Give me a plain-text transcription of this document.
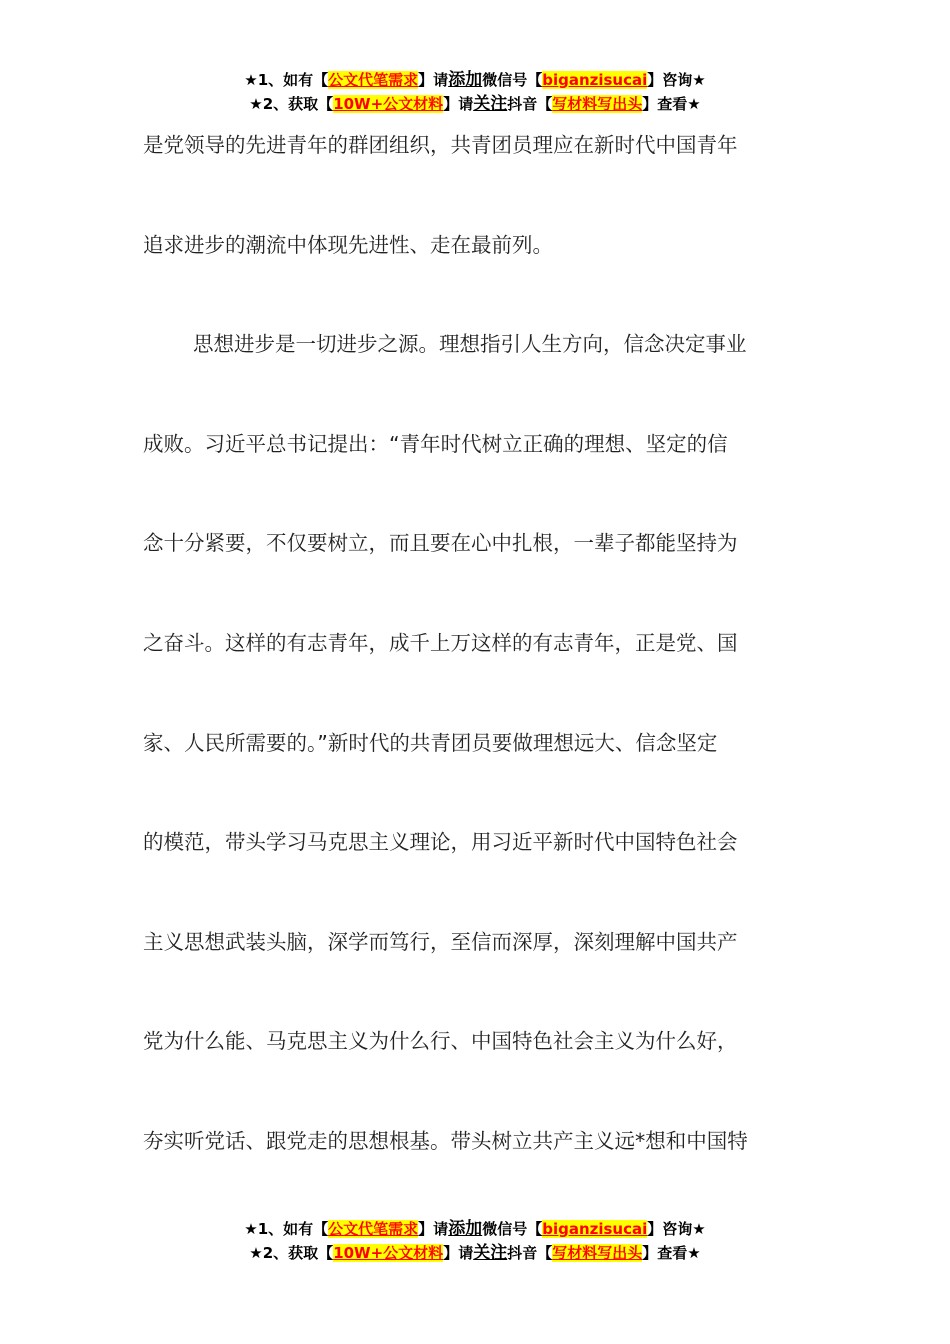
★1、如有【公文代笔需求】请添加微信号【biganzisucai】咨询★
★2、获取【10W+公文材料】请关注抖音【写材料写出头】查看★
是党领导的先进青年的群团组织，共青团员理应在新时代中国青年
追求进步的潮流中体现先进性、走在最前列。
思想进步是一切进步之源。理想指引人生方向，信念决定事业
成败。习近平总书记提出：“青年时代树立正确的理想、坚定的信
念十分紧要，不仅要树立，而且要在心中扎根，一辈子都能坚持为
之奋斗。这样的有志青年，成千上万这样的有志青年，正是党、国
家、人民所需要的。”新时代的共青团员要做理想远大、信念坚定
的模范，带头学习马克思主义理论，用习近平新时代中国特色社会
主义思想武装头脑，深学而笃行，至信而深厚，深刻理解中国共产
党为什么能、马克思主义为什么行、中国特色社会主义为什么好，
夯实听党话、跟党走的思想根基。带头树立共产主义远*想和中国特
★1、如有【公文代笔需求】请添加微信号【biganzisucai】咨询★
★2、获取【10W+公文材料】请关注抖音【写材料写出头】查看★
